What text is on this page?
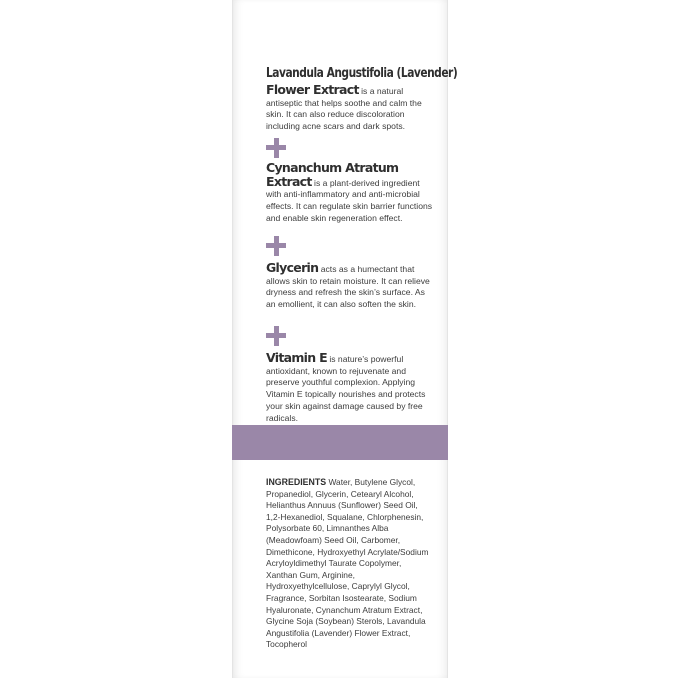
Lavandula Angustifolia (Lavender)

Flower Extract is a natural antiseptic that helps soothe and calm the skin. It can also reduce discoloration including acne scars and dark spots.

Cynanchum Atratum Extract is a plant-derived ingredient with anti-inflammatory and anti-microbial effects. It can regulate skin barrier functions and enable skin regeneration effect.

Glycerin acts as a humectant that allows skin to retain moisture. It can relieve dryness and refresh the skin’s surface. As an emollient, it can also soften the skin.

Vitamin E is nature’s powerful antioxidant, known to rejuvenate and preserve youthful complexion. Applying Vitamin E topically nourishes and protects your skin against damage caused by free radicals.

INGREDIENTS Water, Butylene Glycol, Propanediol, Glycerin, Cetearyl Alcohol, Helianthus Annuus (Sunflower) Seed Oil, 1,2-Hexanediol, Squalane, Chlorphenesin, Polysorbate 60, Limnanthes Alba (Meadowfoam) Seed Oil, Carbomer, Dimethicone, Hydroxyethyl Acrylate/Sodium Acryloyldimethyl Taurate Copolymer, Xanthan Gum, Arginine, Hydroxyethylcellulose, Caprylyl Glycol, Fragrance, Sorbitan Isostearate, Sodium Hyaluronate, Cynanchum Atratum Extract, Glycine Soja (Soybean) Sterols, Lavandula Angustifolia (Lavender) Flower Extract, Tocopherol
